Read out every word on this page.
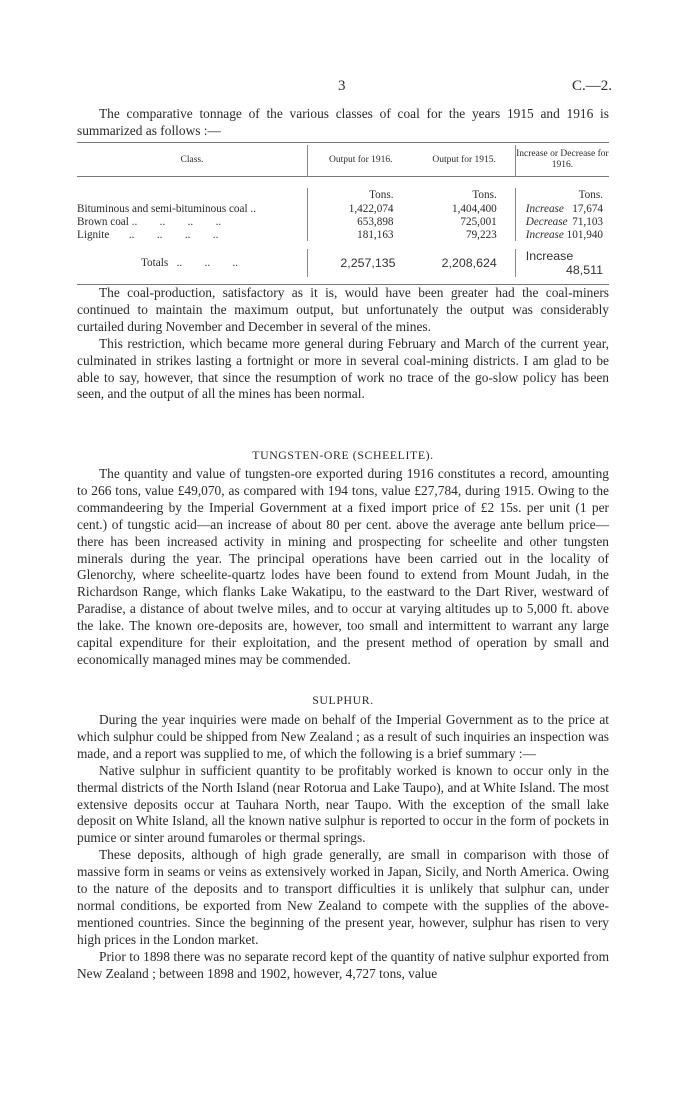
3	C.—2.

The comparative tonnage of the various classes of coal for the years 1915 and 1916 is summarized as follows :—

Class.	Output for 1916.	Output for 1915.	Increase or Decrease for 1916.

	Tons.	Tons.	Tons.
Bituminous and semi-bituminous coal ..	1,422,074	1,404,400	Increase 17,674

Brown coal ..        ..        ..        ..	653,898	725,001	Decrease 71,103

Lignite       ..        ..        ..        ..	181,163	79,223	Increase 101,940

Totals   ..        ..        ..	2,257,135	2,208,624	Increase
48,511

The coal-production, satisfactory as it is, would have been greater had the coal-miners continued to maintain the maximum output, but unfortunately the output was considerably curtailed during November and December in several of the mines.

This restriction, which became more general during February and March of the current year, culminated in strikes lasting a fortnight or more in several coal-mining districts. I am glad to be able to say, however, that since the resumption of work no trace of the go-slow policy has been seen, and the output of all the mines has been normal.

TUNGSTEN-ORE (SCHEELITE).

The quantity and value of tungsten-ore exported during 1916 constitutes a record, amounting to 266 tons, value £49,070, as compared with 194 tons, value £27,784, during 1915. Owing to the commandeering by the Imperial Government at a fixed import price of £2 15s. per unit (1 per cent.) of tungstic acid—an increase of about 80 per cent. above the average ante bellum price—there has been increased activity in mining and prospecting for scheelite and other tungsten minerals during the year. The principal operations have been carried out in the locality of Glenorchy, where scheelite-quartz lodes have been found to extend from Mount Judah, in the Richardson Range, which flanks Lake Wakatipu, to the eastward to the Dart River, westward of Paradise, a distance of about twelve miles, and to occur at varying altitudes up to 5,000 ft. above the lake. The known ore-deposits are, however, too small and intermittent to warrant any large capital expenditure for their exploitation, and the present method of operation by small and economically managed mines may be commended.

SULPHUR.

During the year inquiries were made on behalf of the Imperial Government as to the price at which sulphur could be shipped from New Zealand ; as a result of such inquiries an inspection was made, and a report was supplied to me, of which the following is a brief summary :—

Native sulphur in sufficient quantity to be profitably worked is known to occur only in the thermal districts of the North Island (near Rotorua and Lake Taupo), and at White Island. The most extensive deposits occur at Tauhara North, near Taupo. With the exception of the small lake deposit on White Island, all the known native sulphur is reported to occur in the form of pockets in pumice or sinter around fumaroles or thermal springs.

These deposits, although of high grade generally, are small in comparison with those of massive form in seams or veins as extensively worked in Japan, Sicily, and North America. Owing to the nature of the deposits and to transport difficulties it is unlikely that sulphur can, under normal conditions, be exported from New Zealand to compete with the supplies of the above-mentioned countries. Since the beginning of the present year, however, sulphur has risen to very high prices in the London market.

Prior to 1898 there was no separate record kept of the quantity of native sulphur exported from New Zealand ; between 1898 and 1902, however, 4,727 tons, value
